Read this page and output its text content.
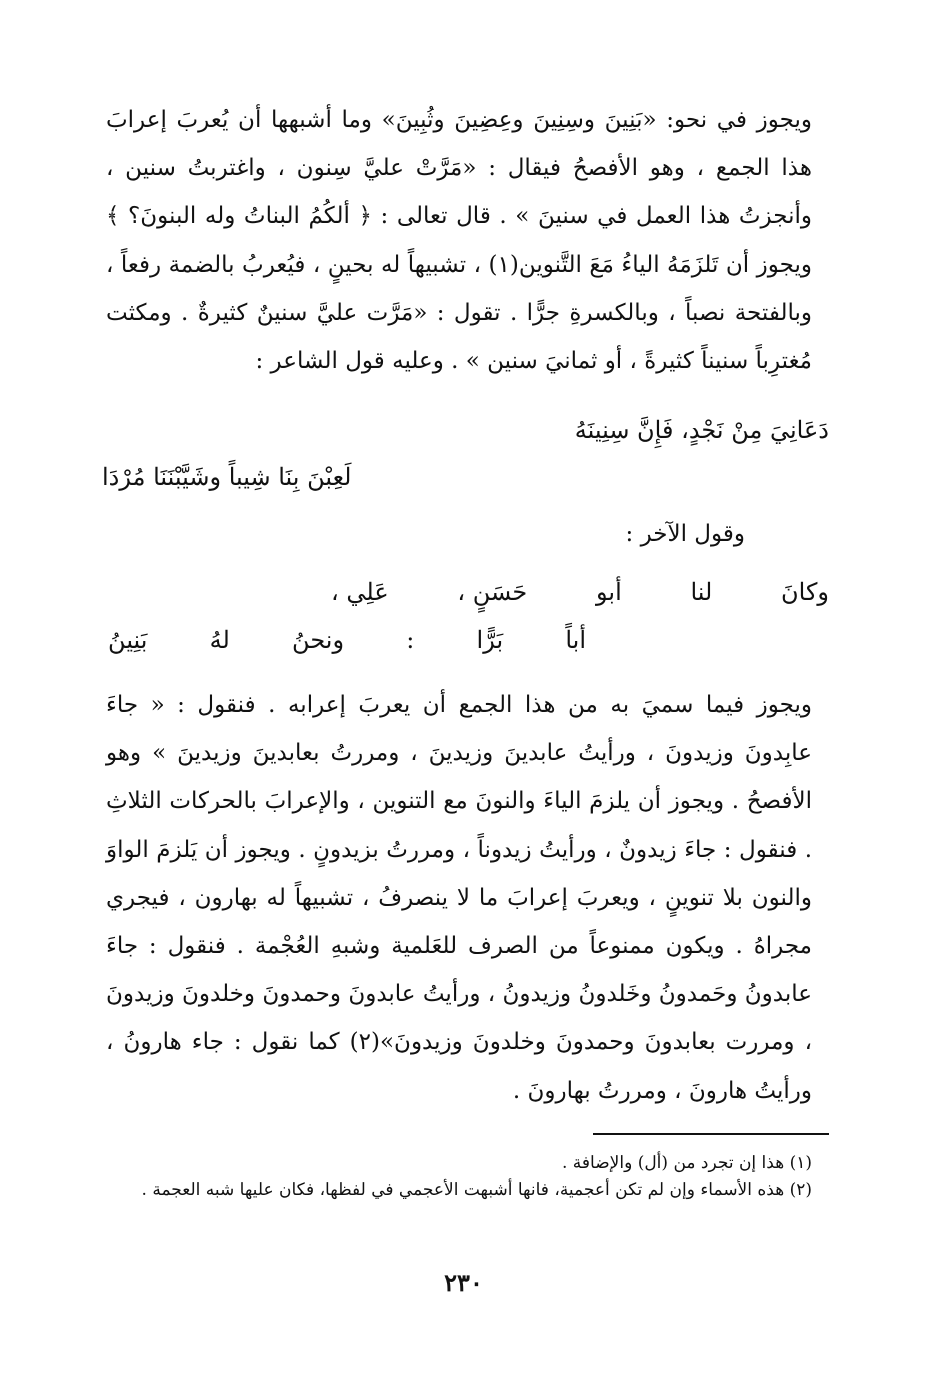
ويجوز في نحو: «بَنِينَ وسِنِينَ وعِضِينَ وثُبِينَ» وما أشبهها أن يُعربَ إعرابَ هذا الجمع ، وهو الأفصحُ فيقال : «مَرَّتْ عليَّ سِنون ، واغتربتُ سنين ، وأنجزتُ هذا العمل في سنينَ » . قال تعالى : ﴿ ألكُمُ البناتُ وله البنونَ؟ ﴾ ويجوز أن تَلزَمَهُ الياءُ مَعَ التَّنوين(١) ، تشبيهاً له بحينٍ ، فيُعربُ بالضمة رفعاً ، وبالفتحة نصباً ، وبالكسرةِ جرًّا . تقول : «مَرَّت عليَّ سنينٌ كثيرةٌ . ومكثت مُغترِباً سنيناً كثيرةً ، أو ثمانيَ سنين » . وعليه قول الشاعر :

دَعَانِيَ مِنْ نَجْدٍ، فَإِنَّ سِنِينَهُ
لَعِبْنَ بِنَا شِيباً وشَيَّبْنَنَا مُرْدَا
وقول الآخر :
وكانَ
لنا
أبو
حَسَنٍ ،
عَلِي ،
أباً
بَرًّا
:
ونحنُ
لهُ
بَنِينُ

ويجوز فيما سميَ به من هذا الجمع أن يعربَ إعرابه . فنقول : « جاءَ عابِدونَ وزيدونَ ، ورأيتُ عابدينَ وزيدينَ ، ومررتُ بعابدينَ وزيدينَ » وهو الأفصحُ . ويجوز أن يلزمَ الياءَ والنونَ مع التنوين ، والإعرابَ بالحركات الثلاثِ . فنقول : جاءَ زيدونٌ ، ورأيتُ زيدوناً ، ومررتُ بزيدونٍ . ويجوز أن يَلزمَ الواوَ والنون بلا تنوينٍ ، ويعربَ إعرابَ ما لا ينصرفُ ، تشبيهاً له بهارون ، فيجري مجراهُ . ويكون ممنوعاً من الصرف للعَلمية وشبهِ العُجْمة . فنقول : جاءَ عابدونُ وحَمدونُ وخَلدونُ وزيدونُ ، ورأيتُ عابدونَ وحمدونَ وخلدونَ وزيدونَ ، ومررت بعابدونَ وحمدونَ وخلدونَ وزيدونَ»(٢) كما نقول : جاء هارونُ ، ورأيتُ هارونَ ، ومررتُ بهارونَ .

(١) هذا إن تجرد من (أل) والإضافة .

(٢) هذه الأسماء وإن لم تكن أعجمية، فانها أشبهت الأعجمي في لفظها، فكان عليها شبه العجمة .

٢٣٠
